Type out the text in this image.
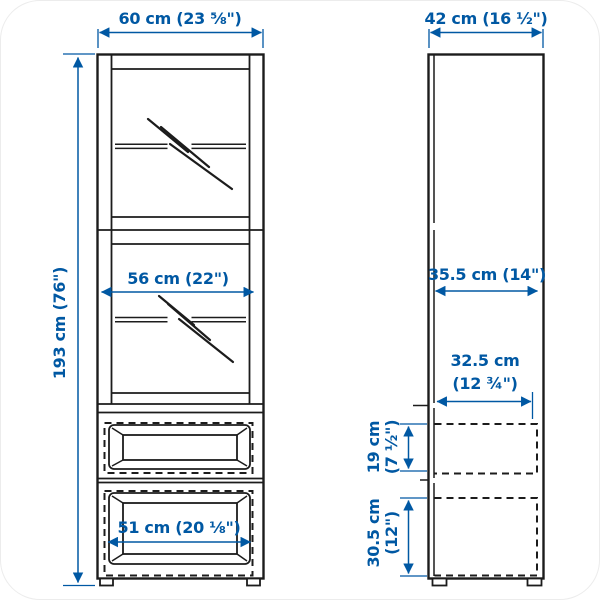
56 cm (22")
51 cm (20 ⅛")
60 cm (23 ⅝")
193 cm (76")	35.5 cm (14")
32.5 cm
(12 ¾")
19 cm (7 ½")
30.5 cm (12")
42 cm (16 ½")
